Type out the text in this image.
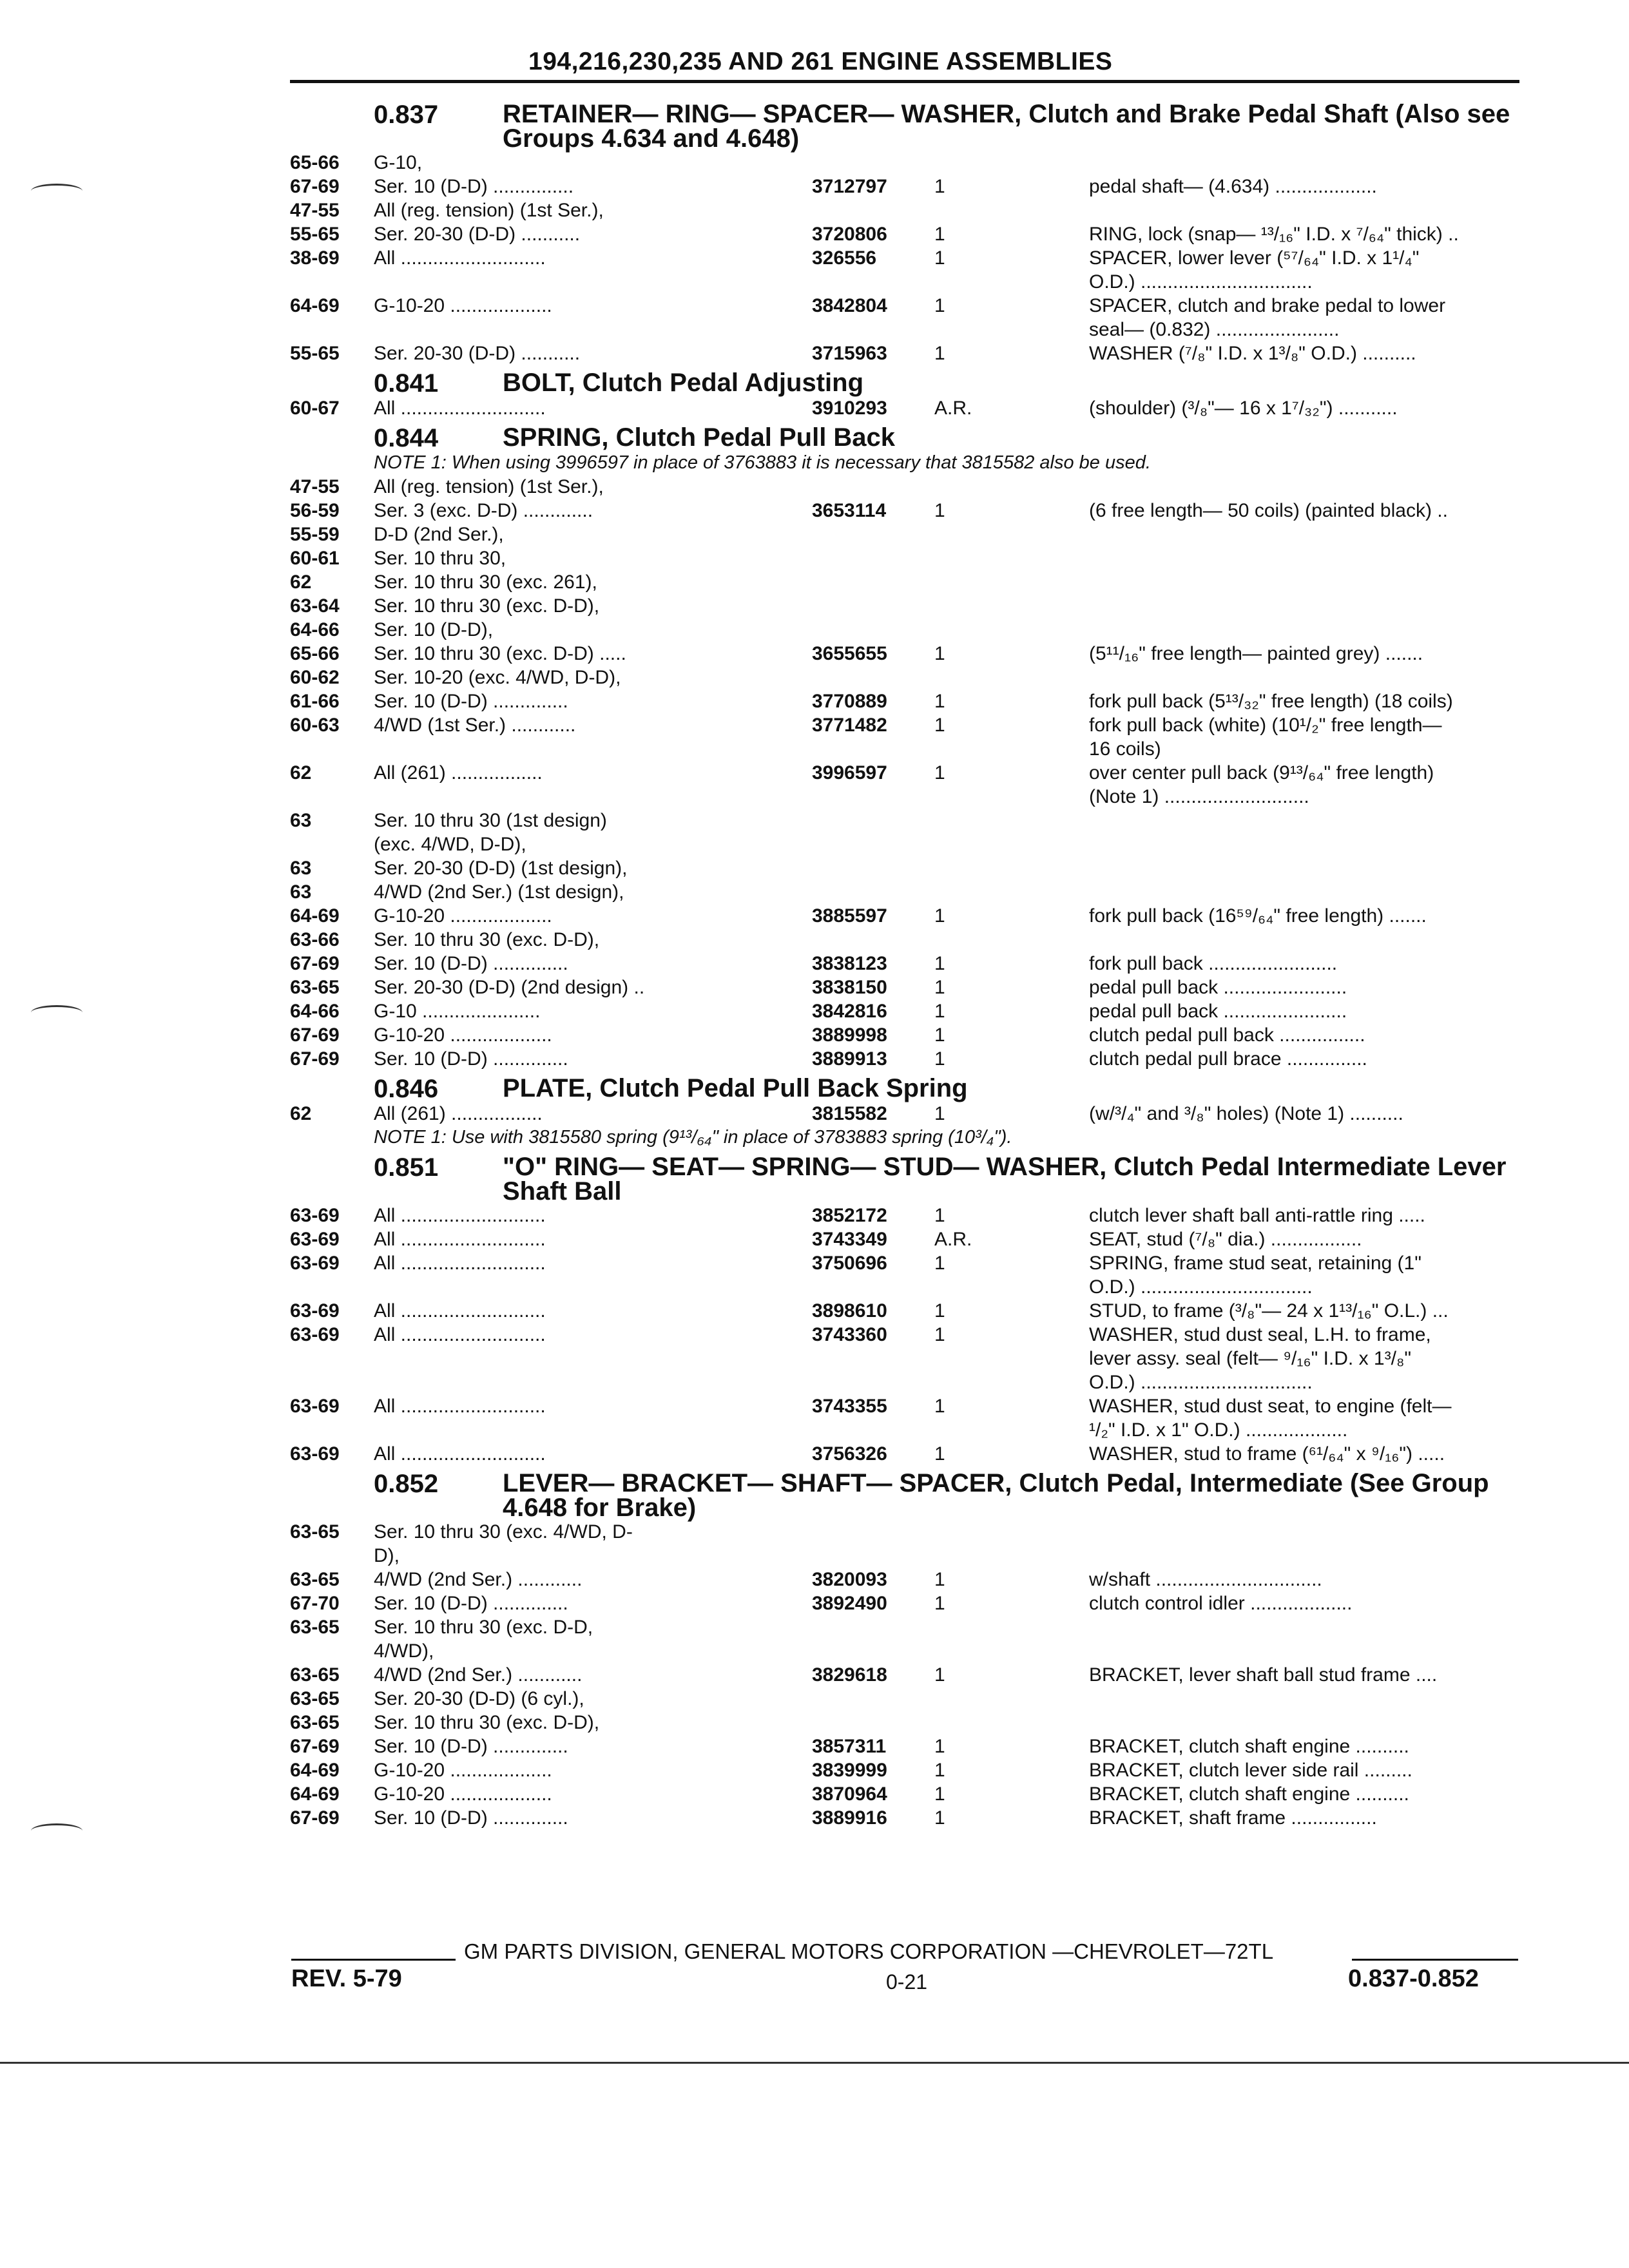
194,216,230,235 AND 261 ENGINE ASSEMBLIES
0.837	RETAINER— RING— SPACER— WASHER, Clutch and Brake Pedal Shaft (Also see Groups 4.634 and 4.648)
65-66	G-10,
67-69	Ser. 10 (D-D) ...............	3712797	1	pedal shaft— (4.634) ...................
47-55	All (reg. tension) (1st Ser.),
55-65	Ser. 20-30 (D-D) ...........	3720806	1	RING, lock (snap— ¹³/₁₆" I.D. x ⁷/₆₄" thick) ..
38-69	All ...........................	326556	1	SPACER, lower lever (⁵⁷/₆₄" I.D. x 1¹/₄"
O.D.) ................................
64-69	G-10-20 ...................	3842804	1	SPACER, clutch and brake pedal to lower
seal— (0.832) .......................
55-65	Ser. 20-30 (D-D) ...........	3715963	1	WASHER (⁷/₈" I.D. x 1³/₈" O.D.) ..........
0.841	BOLT, Clutch Pedal Adjusting
60-67	All ...........................	3910293	A.R.	(shoulder) (³/₈"— 16 x 1⁷/₃₂") ...........
0.844	SPRING, Clutch Pedal Pull Back
NOTE 1: When using 3996597 in place of 3763883 it is necessary that 3815582 also be used.
47-55	All (reg. tension) (1st Ser.),
56-59	Ser. 3 (exc. D-D) .............	3653114	1	(6 free length— 50 coils) (painted black) ..
55-59	D-D (2nd Ser.),
60-61	Ser. 10 thru 30,
62	Ser. 10 thru 30 (exc. 261),
63-64	Ser. 10 thru 30 (exc. D-D),
64-66	Ser. 10 (D-D),
65-66	Ser. 10 thru 30 (exc. D-D) .....	3655655	1	(5¹¹/₁₆" free length— painted grey) .......
60-62	Ser. 10-20 (exc. 4/WD, D-D),
61-66	Ser. 10 (D-D) ..............	3770889	1	fork pull back (5¹³/₃₂" free length) (18 coils)
60-63	4/WD (1st Ser.) ............	3771482	1	fork pull back (white) (10¹/₂" free length—
16 coils)
62	All (261) .................	3996597	1	over center pull back (9¹³/₆₄" free length)
(Note 1) ...........................
63	Ser. 10 thru 30 (1st design)
(exc. 4/WD, D-D),
63	Ser. 20-30 (D-D) (1st design),
63	4/WD (2nd Ser.) (1st design),
64-69	G-10-20 ...................	3885597	1	fork pull back (16⁵⁹/₆₄" free length) .......
63-66	Ser. 10 thru 30 (exc. D-D),
67-69	Ser. 10 (D-D) ..............	3838123	1	fork pull back ........................
63-65	Ser. 20-30 (D-D) (2nd design) ..	3838150	1	pedal pull back .......................
64-66	G-10 ......................	3842816	1	pedal pull back .......................
67-69	G-10-20 ...................	3889998	1	clutch pedal pull back ................
67-69	Ser. 10 (D-D) ..............	3889913	1	clutch pedal pull brace ...............
0.846	PLATE, Clutch Pedal Pull Back Spring
62	All (261) .................	3815582	1	(w/³/₄" and ³/₈" holes) (Note 1) ..........
NOTE 1: Use with 3815580 spring (9¹³/₆₄" in place of 3783883 spring (10³/₄").
0.851	"O" RING— SEAT— SPRING— STUD— WASHER, Clutch Pedal Intermediate Lever Shaft Ball
63-69	All ...........................	3852172	1	clutch lever shaft ball anti-rattle ring .....
63-69	All ...........................	3743349	A.R.	SEAT, stud (⁷/₈" dia.) .................
63-69	All ...........................	3750696	1	SPRING, frame stud seat, retaining (1"
O.D.) ................................
63-69	All ...........................	3898610	1	STUD, to frame (³/₈"— 24 x 1¹³/₁₆" O.L.) ...
63-69	All ...........................	3743360	1	WASHER, stud dust seal, L.H. to frame,
lever assy. seal (felt— ⁹/₁₆" I.D. x 1³/₈"
O.D.) ................................
63-69	All ...........................	3743355	1	WASHER, stud dust seat, to engine (felt—
¹/₂" I.D. x 1" O.D.) ...................
63-69	All ...........................	3756326	1	WASHER, stud to frame (⁶¹/₆₄" x ⁹/₁₆") .....
0.852	LEVER— BRACKET— SHAFT— SPACER, Clutch Pedal, Intermediate (See Group 4.648 for Brake)
63-65	Ser. 10 thru 30 (exc. 4/WD, D-
D),
63-65	4/WD (2nd Ser.) ............	3820093	1	w/shaft ...............................
67-70	Ser. 10 (D-D) ..............	3892490	1	clutch control idler ...................
63-65	Ser. 10 thru 30 (exc. D-D,
4/WD),
63-65	4/WD (2nd Ser.) ............	3829618	1	BRACKET, lever shaft ball stud frame ....
63-65	Ser. 20-30 (D-D) (6 cyl.),
63-65	Ser. 10 thru 30 (exc. D-D),
67-69	Ser. 10 (D-D) ..............	3857311	1	BRACKET, clutch shaft engine ..........
64-69	G-10-20 ...................	3839999	1	BRACKET, clutch lever side rail .........
64-69	G-10-20 ...................	3870964	1	BRACKET, clutch shaft engine ..........
67-69	Ser. 10 (D-D) ..............	3889916	1	BRACKET, shaft frame ................
GM PARTS DIVISION, GENERAL MOTORS CORPORATION —CHEVROLET—72TL
REV. 5-79	0-21	0.837-0.852
